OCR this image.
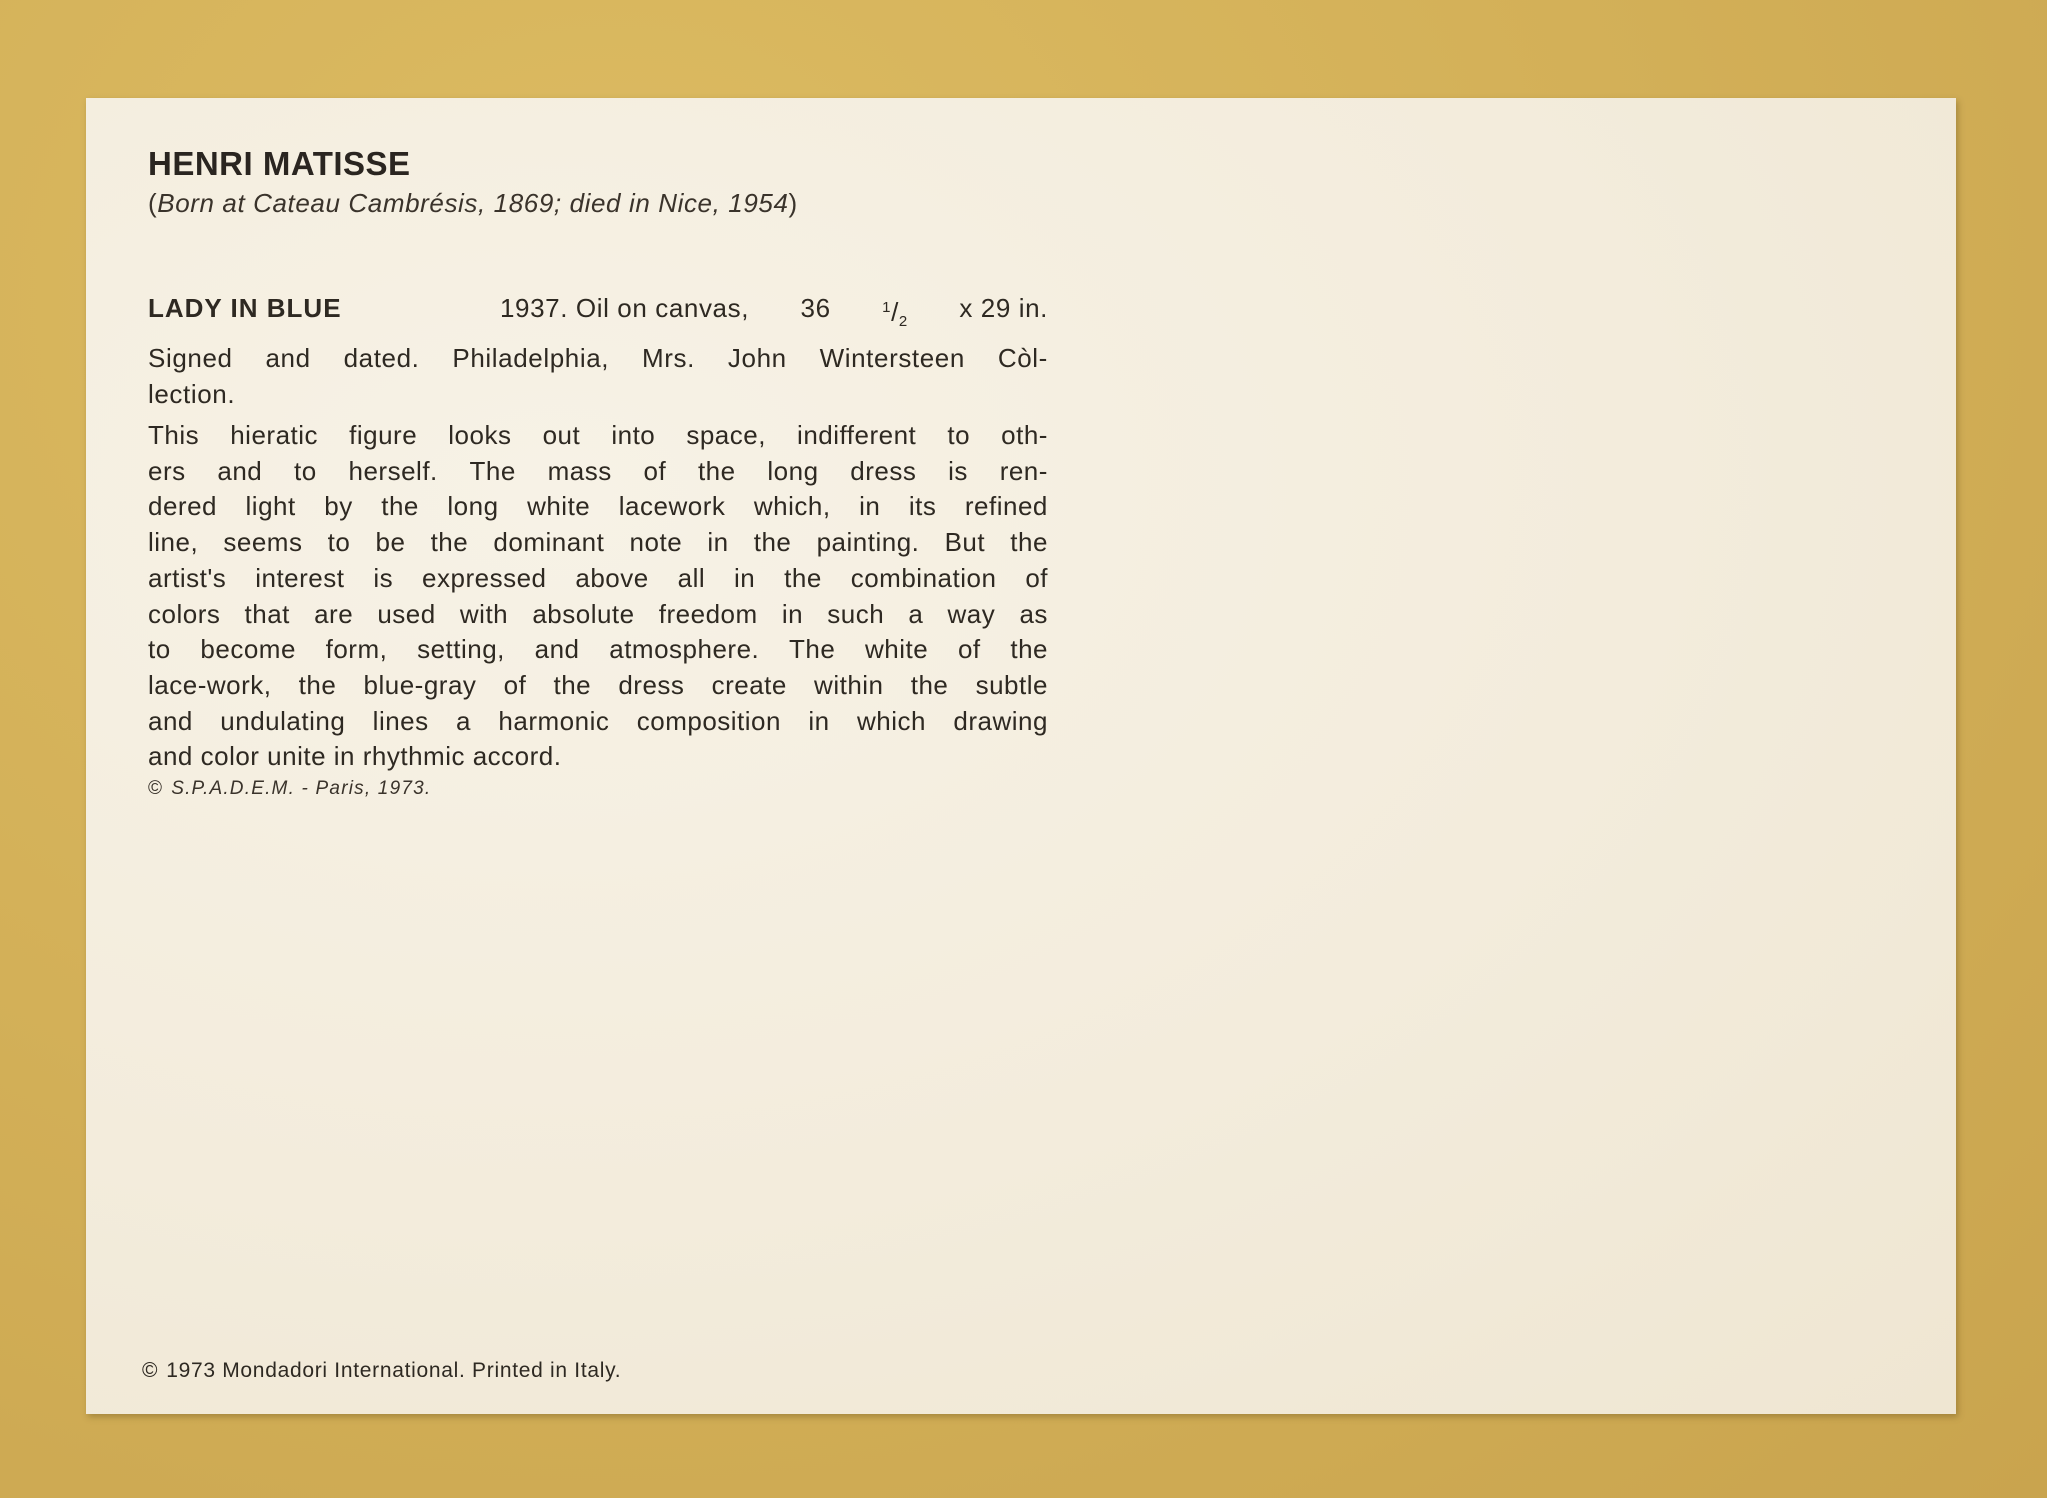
HENRI MATISSE
(Born at Cateau Cambrésis, 1869; died in Nice, 1954)
LADY IN BLUE	1937. Oil on canvas, 36	$^1/_2$ x 29 in.
Signed and dated. Philadelphia, Mrs. John Wintersteen Còl-
lection.
This hieratic figure looks out into space, indifferent to oth-
ers and to herself. The mass of the long dress is ren-
dered light by the long white lacework which, in its refined
line, seems to be the dominant note in the painting. But the
artist's interest is expressed above all in the combination of
colors that are used with absolute freedom in such a way as
to become form, setting, and atmosphere. The white of the
lace-work, the blue-gray of the dress create within the subtle
and undulating lines a harmonic composition in which drawing
and color unite in rhythmic accord.
© S.P.A.D.E.M. - Paris, 1973.
© 1973 Mondadori International. Printed in Italy.
